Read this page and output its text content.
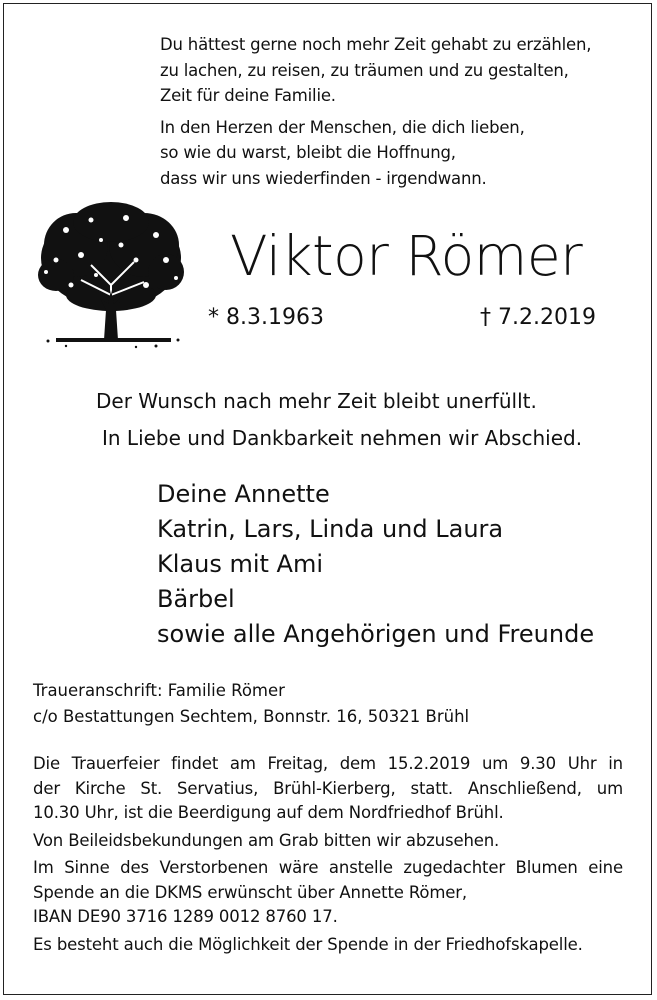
Du hättest gerne noch mehr Zeit gehabt zu erzählen,
zu lachen, zu reisen, zu träumen und zu gestalten,
Zeit für deine Familie.

In den Herzen der Menschen, die dich lieben,
so wie du warst, bleibt die Hoffnung,
dass wir uns wiederfinden - irgendwann.

Viktor Römer
* 8.3.1963	† 7.2.2019
Der Wunsch nach mehr Zeit bleibt unerfüllt.
In Liebe und Dankbarkeit nehmen wir Abschied.
Deine Annette
Katrin, Lars, Linda und Laura
Klaus mit Ami
Bärbel
sowie alle Angehörigen und Freunde
Traueranschrift: Familie Römer
c/o Bestattungen Sechtem, Bonnstr. 16, 50321 Brühl

Die Trauerfeier findet am Freitag, dem 15.2.2019 um 9.30 Uhr in
der Kirche St. Servatius, Brühl-Kierberg, statt. Anschließend, um
10.30 Uhr, ist die Beerdigung auf dem Nordfriedhof Brühl.

Von Beileidsbekundungen am Grab bitten wir abzusehen.

Im Sinne des Verstorbenen wäre anstelle zugedachter Blumen eine
Spende an die DKMS erwünscht über Annette Römer,
IBAN DE90 3716 1289 0012 8760 17.

Es besteht auch die Möglichkeit der Spende in der Friedhofskapelle.
